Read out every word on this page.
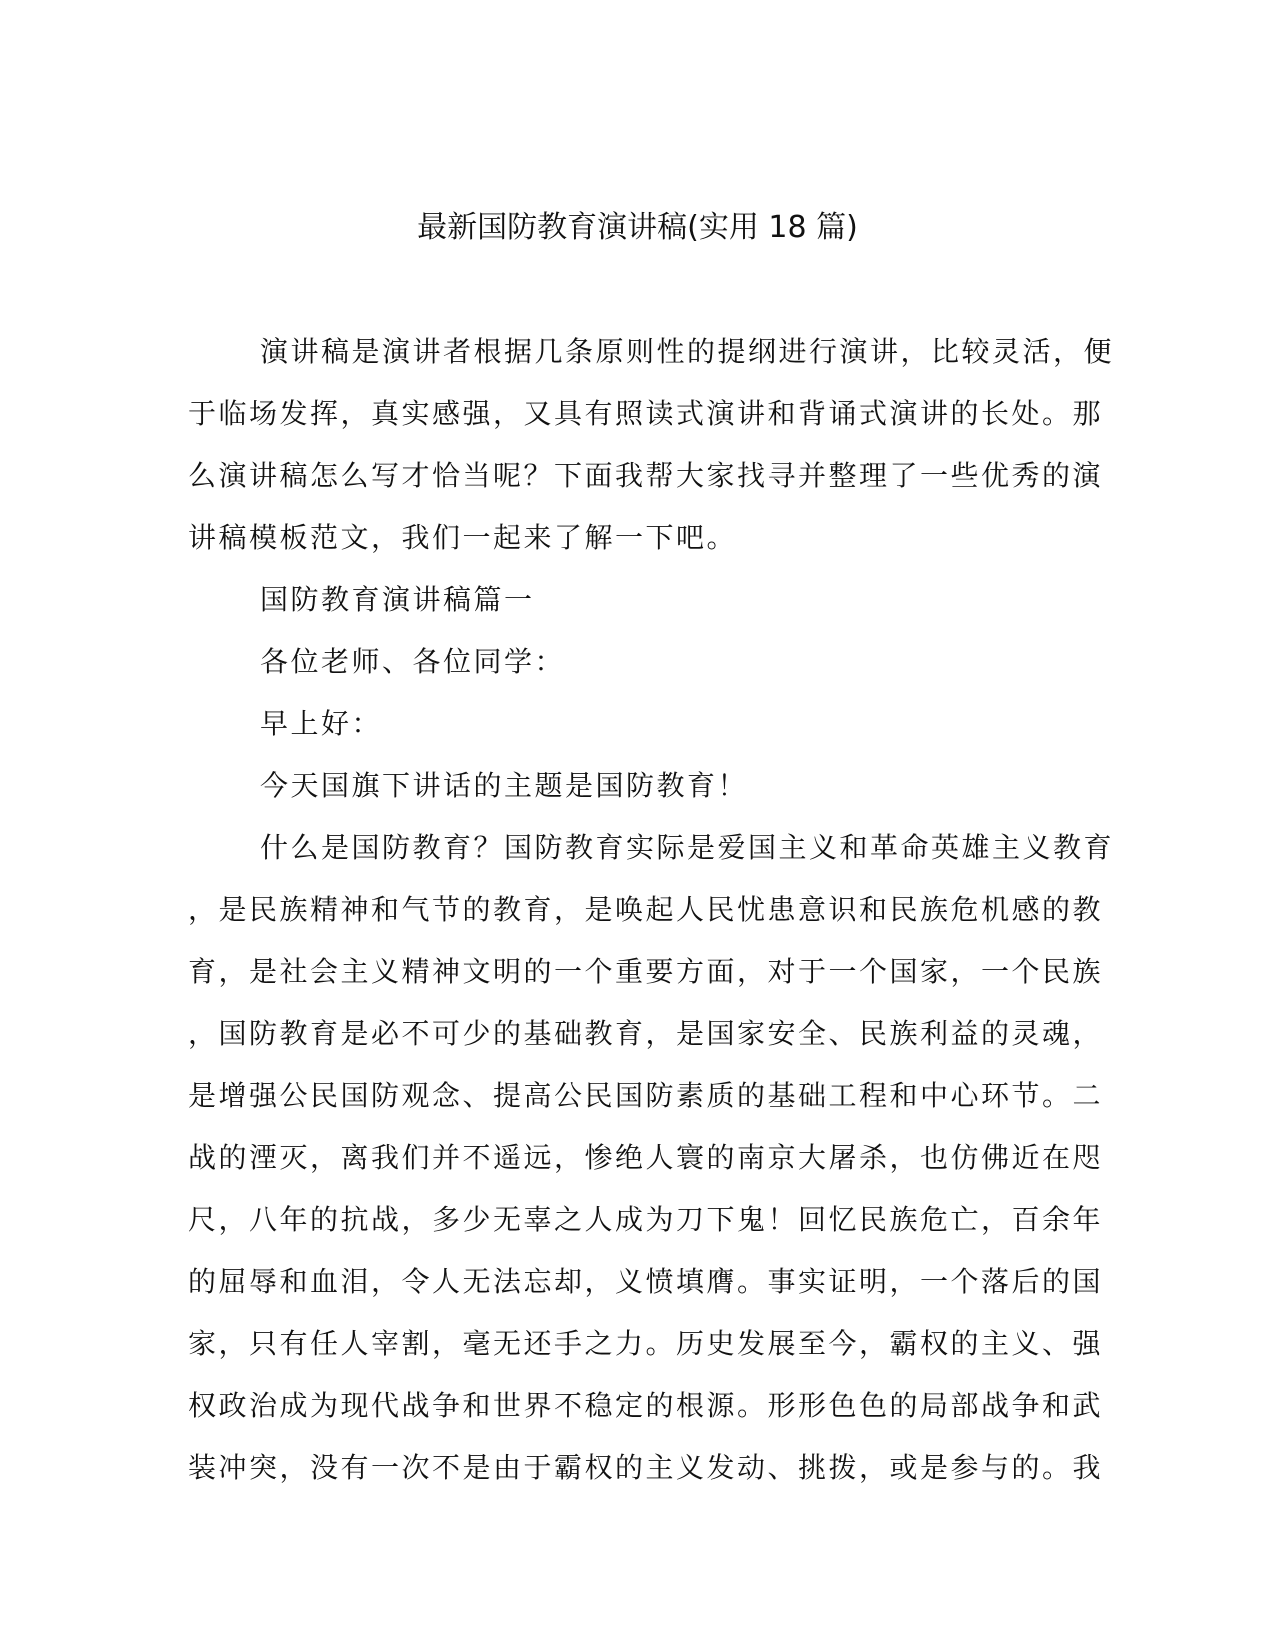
最新国防教育演讲稿(实用 18 篇)
演讲稿是演讲者根据几条原则性的提纲进行演讲，比较灵活，便
于临场发挥，真实感强，又具有照读式演讲和背诵式演讲的长处。那
么演讲稿怎么写才恰当呢？下面我帮大家找寻并整理了一些优秀的演
讲稿模板范文，我们一起来了解一下吧。
国防教育演讲稿篇一
各位老师、各位同学：
早上好：
今天国旗下讲话的主题是国防教育！
什么是国防教育？国防教育实际是爱国主义和革命英雄主义教育
，是民族精神和气节的教育，是唤起人民忧患意识和民族危机感的教
育，是社会主义精神文明的一个重要方面，对于一个国家，一个民族
，国防教育是必不可少的基础教育，是国家安全、民族利益的灵魂，
是增强公民国防观念、提高公民国防素质的基础工程和中心环节。二
战的湮灭，离我们并不遥远，惨绝人寰的南京大屠杀，也仿佛近在咫
尺，八年的抗战，多少无辜之人成为刀下鬼！回忆民族危亡，百余年
的屈辱和血泪，令人无法忘却，义愤填膺。事实证明，一个落后的国
家，只有任人宰割，毫无还手之力。历史发展至今，霸权的主义、强
权政治成为现代战争和世界不稳定的根源。形形色色的局部战争和武
装冲突，没有一次不是由于霸权的主义发动、挑拨，或是参与的。我
